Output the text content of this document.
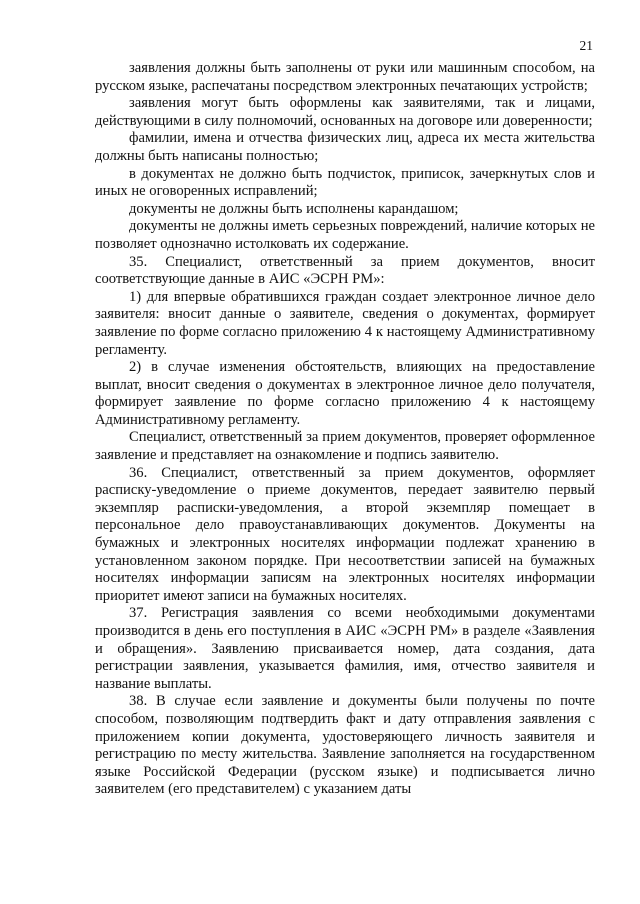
21

заявления должны быть заполнены от руки или машинным способом, на русском языке, распечатаны посредством электронных печатающих устройств;

заявления могут быть оформлены как заявителями, так и лицами, действующими в силу полномочий, основанных на договоре или доверенности;

фамилии, имена и отчества физических лиц, адреса их места жительства должны быть написаны полностью;

в документах не должно быть подчисток, приписок, зачеркнутых слов и иных не оговоренных исправлений;

документы не должны быть исполнены карандашом;

документы не должны иметь серьезных повреждений, наличие которых не позволяет однозначно истолковать их содержание.

35. Специалист, ответственный за прием документов, вносит соответствующие данные в АИС «ЭСРН РМ»:

1) для впервые обратившихся граждан создает электронное личное дело заявителя: вносит данные о заявителе, сведения о документах, формирует заявление по форме согласно приложению 4 к настоящему Административному регламенту.

2) в случае изменения обстоятельств, влияющих на предоставление выплат, вносит сведения о документах в электронное личное дело получателя, формирует заявление по форме согласно приложению 4 к настоящему Административному регламенту.

Специалист, ответственный за прием документов, проверяет оформленное заявление и представляет на ознакомление и подпись заявителю.

36. Специалист, ответственный за прием документов, оформляет расписку-уведомление о приеме документов, передает заявителю первый экземпляр расписки-уведомления, а второй экземпляр помещает в персональное дело правоустанавливающих документов. Документы на бумажных и электронных носителях информации подлежат хранению в установленном законом порядке. При несоответствии записей на бумажных носителях информации записям на электронных носителях информации приоритет имеют записи на бумажных носителях.

37. Регистрация заявления со всеми необходимыми документами производится в день его поступления в АИС «ЭСРН РМ» в разделе «Заявления и обращения». Заявлению присваивается номер, дата создания, дата регистрации заявления, указывается фамилия, имя, отчество заявителя и название выплаты.

38. В случае если заявление и документы были получены по почте способом, позволяющим подтвердить факт и дату отправления заявления с приложением копии документа, удостоверяющего личность заявителя и регистрацию по месту жительства. Заявление заполняется на государственном языке Российской Федерации (русском языке) и подписывается лично заявителем (его представителем) с указанием даты
